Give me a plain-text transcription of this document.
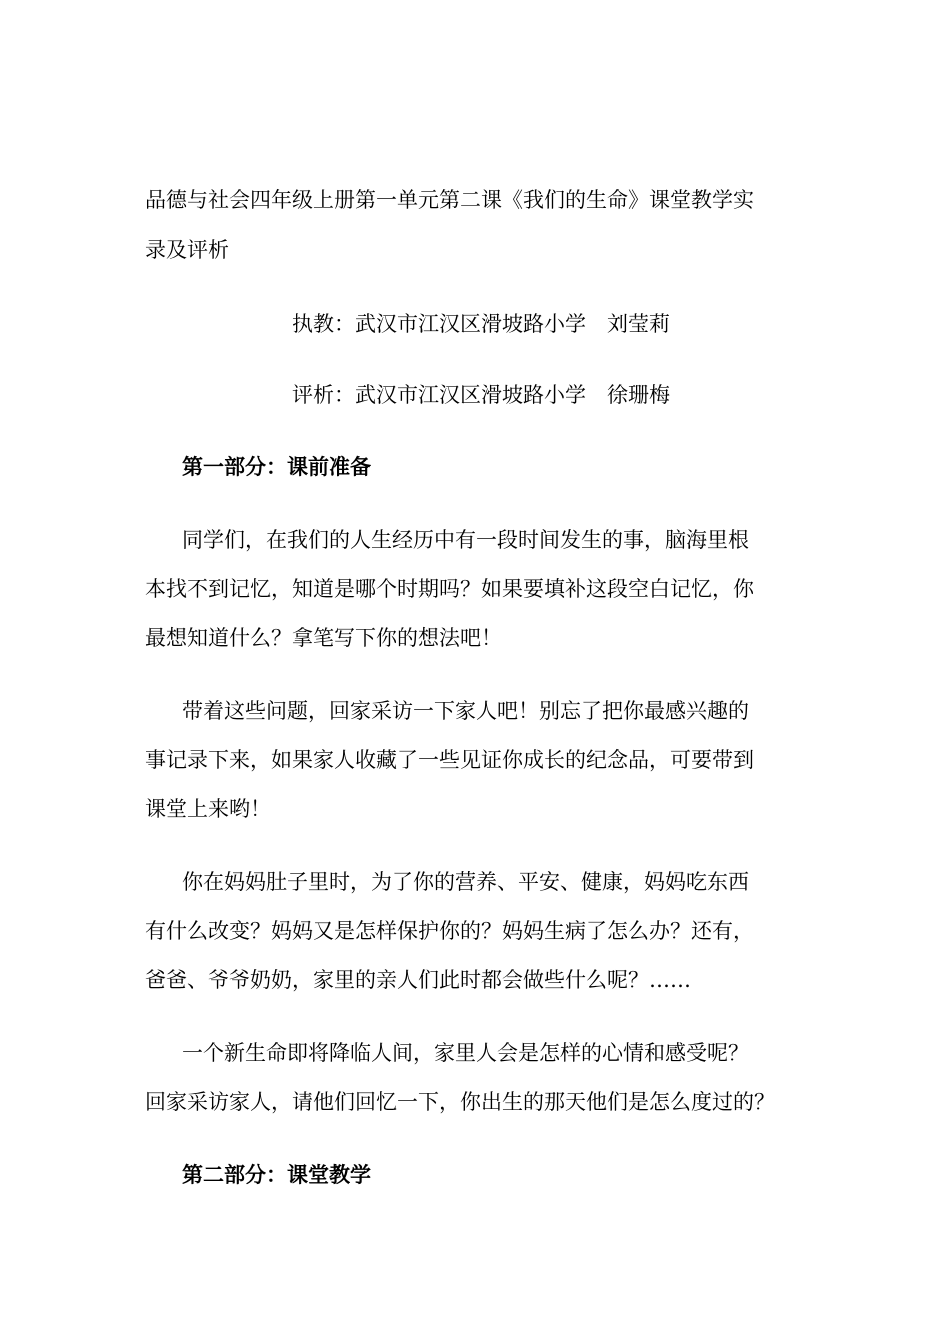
品德与社会四年级上册第一单元第二课《我们的生命》课堂教学实
录及评析
执教：武汉市江汉区滑坡路小学　刘莹莉
评析：武汉市江汉区滑坡路小学　徐珊梅
第一部分：课前准备
同学们，在我们的人生经历中有一段时间发生的事，脑海里根
本找不到记忆，知道是哪个时期吗？如果要填补这段空白记忆，你
最想知道什么？拿笔写下你的想法吧！
带着这些问题，回家采访一下家人吧！别忘了把你最感兴趣的
事记录下来，如果家人收藏了一些见证你成长的纪念品，可要带到
课堂上来哟！
你在妈妈肚子里时，为了你的营养、平安、健康，妈妈吃东西
有什么改变？妈妈又是怎样保护你的？妈妈生病了怎么办？还有，
爸爸、爷爷奶奶，家里的亲人们此时都会做些什么呢？……
一个新生命即将降临人间，家里人会是怎样的心情和感受呢？
回家采访家人，请他们回忆一下，你出生的那天他们是怎么度过的？
第二部分：课堂教学
